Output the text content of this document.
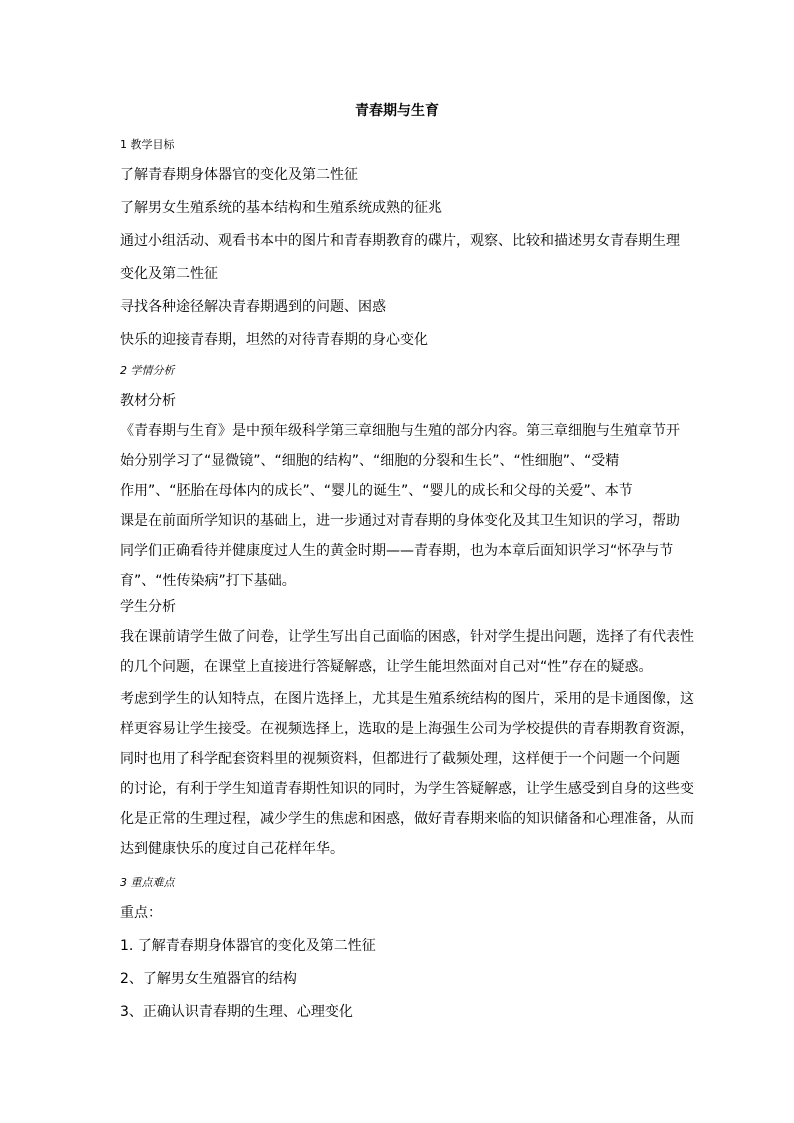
青春期与生育
1 教学目标
了解青春期身体器官的变化及第二性征
了解男女生殖系统的基本结构和生殖系统成熟的征兆
通过小组活动、观看书本中的图片和青春期教育的碟片，观察、比较和描述男女青春期生理
变化及第二性征
寻找各种途径解决青春期遇到的问题、困惑
快乐的迎接青春期，坦然的对待青春期的身心变化
2 学情分析
教材分析
《青春期与生育》是中预年级科学第三章细胞与生殖的部分内容。第三章细胞与生殖章节开
始分别学习了“显微镜”、“细胞的结构”、“细胞的分裂和生长”、“性细胞”、“受精
作用”、“胚胎在母体内的成长”、“婴儿的诞生”、“婴儿的成长和父母的关爱”、本节
课是在前面所学知识的基础上，进一步通过对青春期的身体变化及其卫生知识的学习，帮助
同学们正确看待并健康度过人生的黄金时期——青春期，也为本章后面知识学习“怀孕与节
育”、“性传染病”打下基础。
学生分析
我在课前请学生做了问卷，让学生写出自己面临的困惑，针对学生提出问题，选择了有代表性
的几个问题，在课堂上直接进行答疑解惑，让学生能坦然面对自己对“性”存在的疑惑。
考虑到学生的认知特点，在图片选择上，尤其是生殖系统结构的图片，采用的是卡通图像，这
样更容易让学生接受。在视频选择上，选取的是上海强生公司为学校提供的青春期教育资源，
同时也用了科学配套资料里的视频资料，但都进行了截频处理，这样便于一个问题一个问题
的讨论，有利于学生知道青春期性知识的同时，为学生答疑解惑，让学生感受到自身的这些变
化是正常的生理过程，减少学生的焦虑和困惑，做好青春期来临的知识储备和心理准备，从而
达到健康快乐的度过自己花样年华。
3 重点难点
重点：
1. 了解青春期身体器官的变化及第二性征
2、了解男女生殖器官的结构
3、正确认识青春期的生理、心理变化
